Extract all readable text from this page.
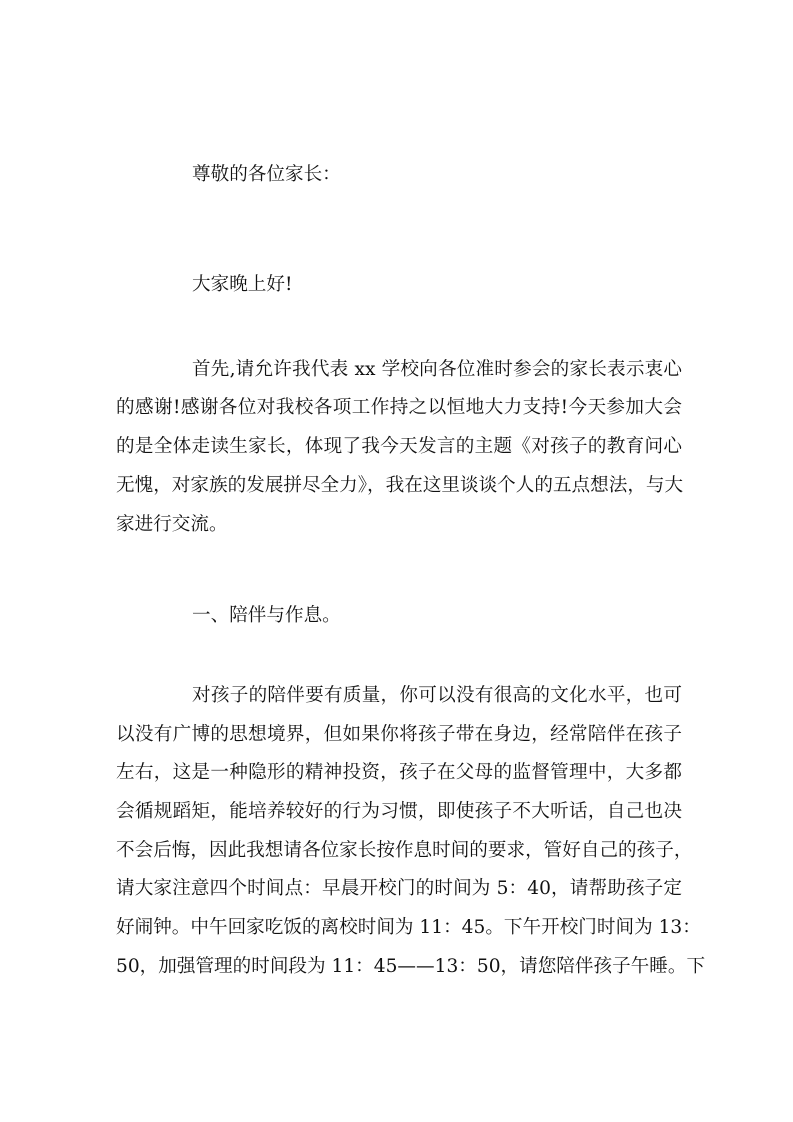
尊敬的各位家长：
大家晚上好!
首先,请允许我代表 xx 学校向各位准时参会的家长表示衷心
的感谢!感谢各位对我校各项工作持之以恒地大力支持!今天参加大会
的是全体走读生家长，体现了我今天发言的主题《对孩子的教育问心
无愧，对家族的发展拼尽全力》，我在这里谈谈个人的五点想法，与大
家进行交流。
一、陪伴与作息。
对孩子的陪伴要有质量，你可以没有很高的文化水平，也可
以没有广博的思想境界，但如果你将孩子带在身边，经常陪伴在孩子
左右，这是一种隐形的精神投资，孩子在父母的监督管理中，大多都
会循规蹈矩，能培养较好的行为习惯，即使孩子不大听话，自己也决
不会后悔，因此我想请各位家长按作息时间的要求，管好自己的孩子，
请大家注意四个时间点：早晨开校门的时间为 5：40，请帮助孩子定
好闹钟。中午回家吃饭的离校时间为 11：45。下午开校门时间为 13：
50，加强管理的时间段为 11：45——13：50，请您陪伴孩子午睡。下
